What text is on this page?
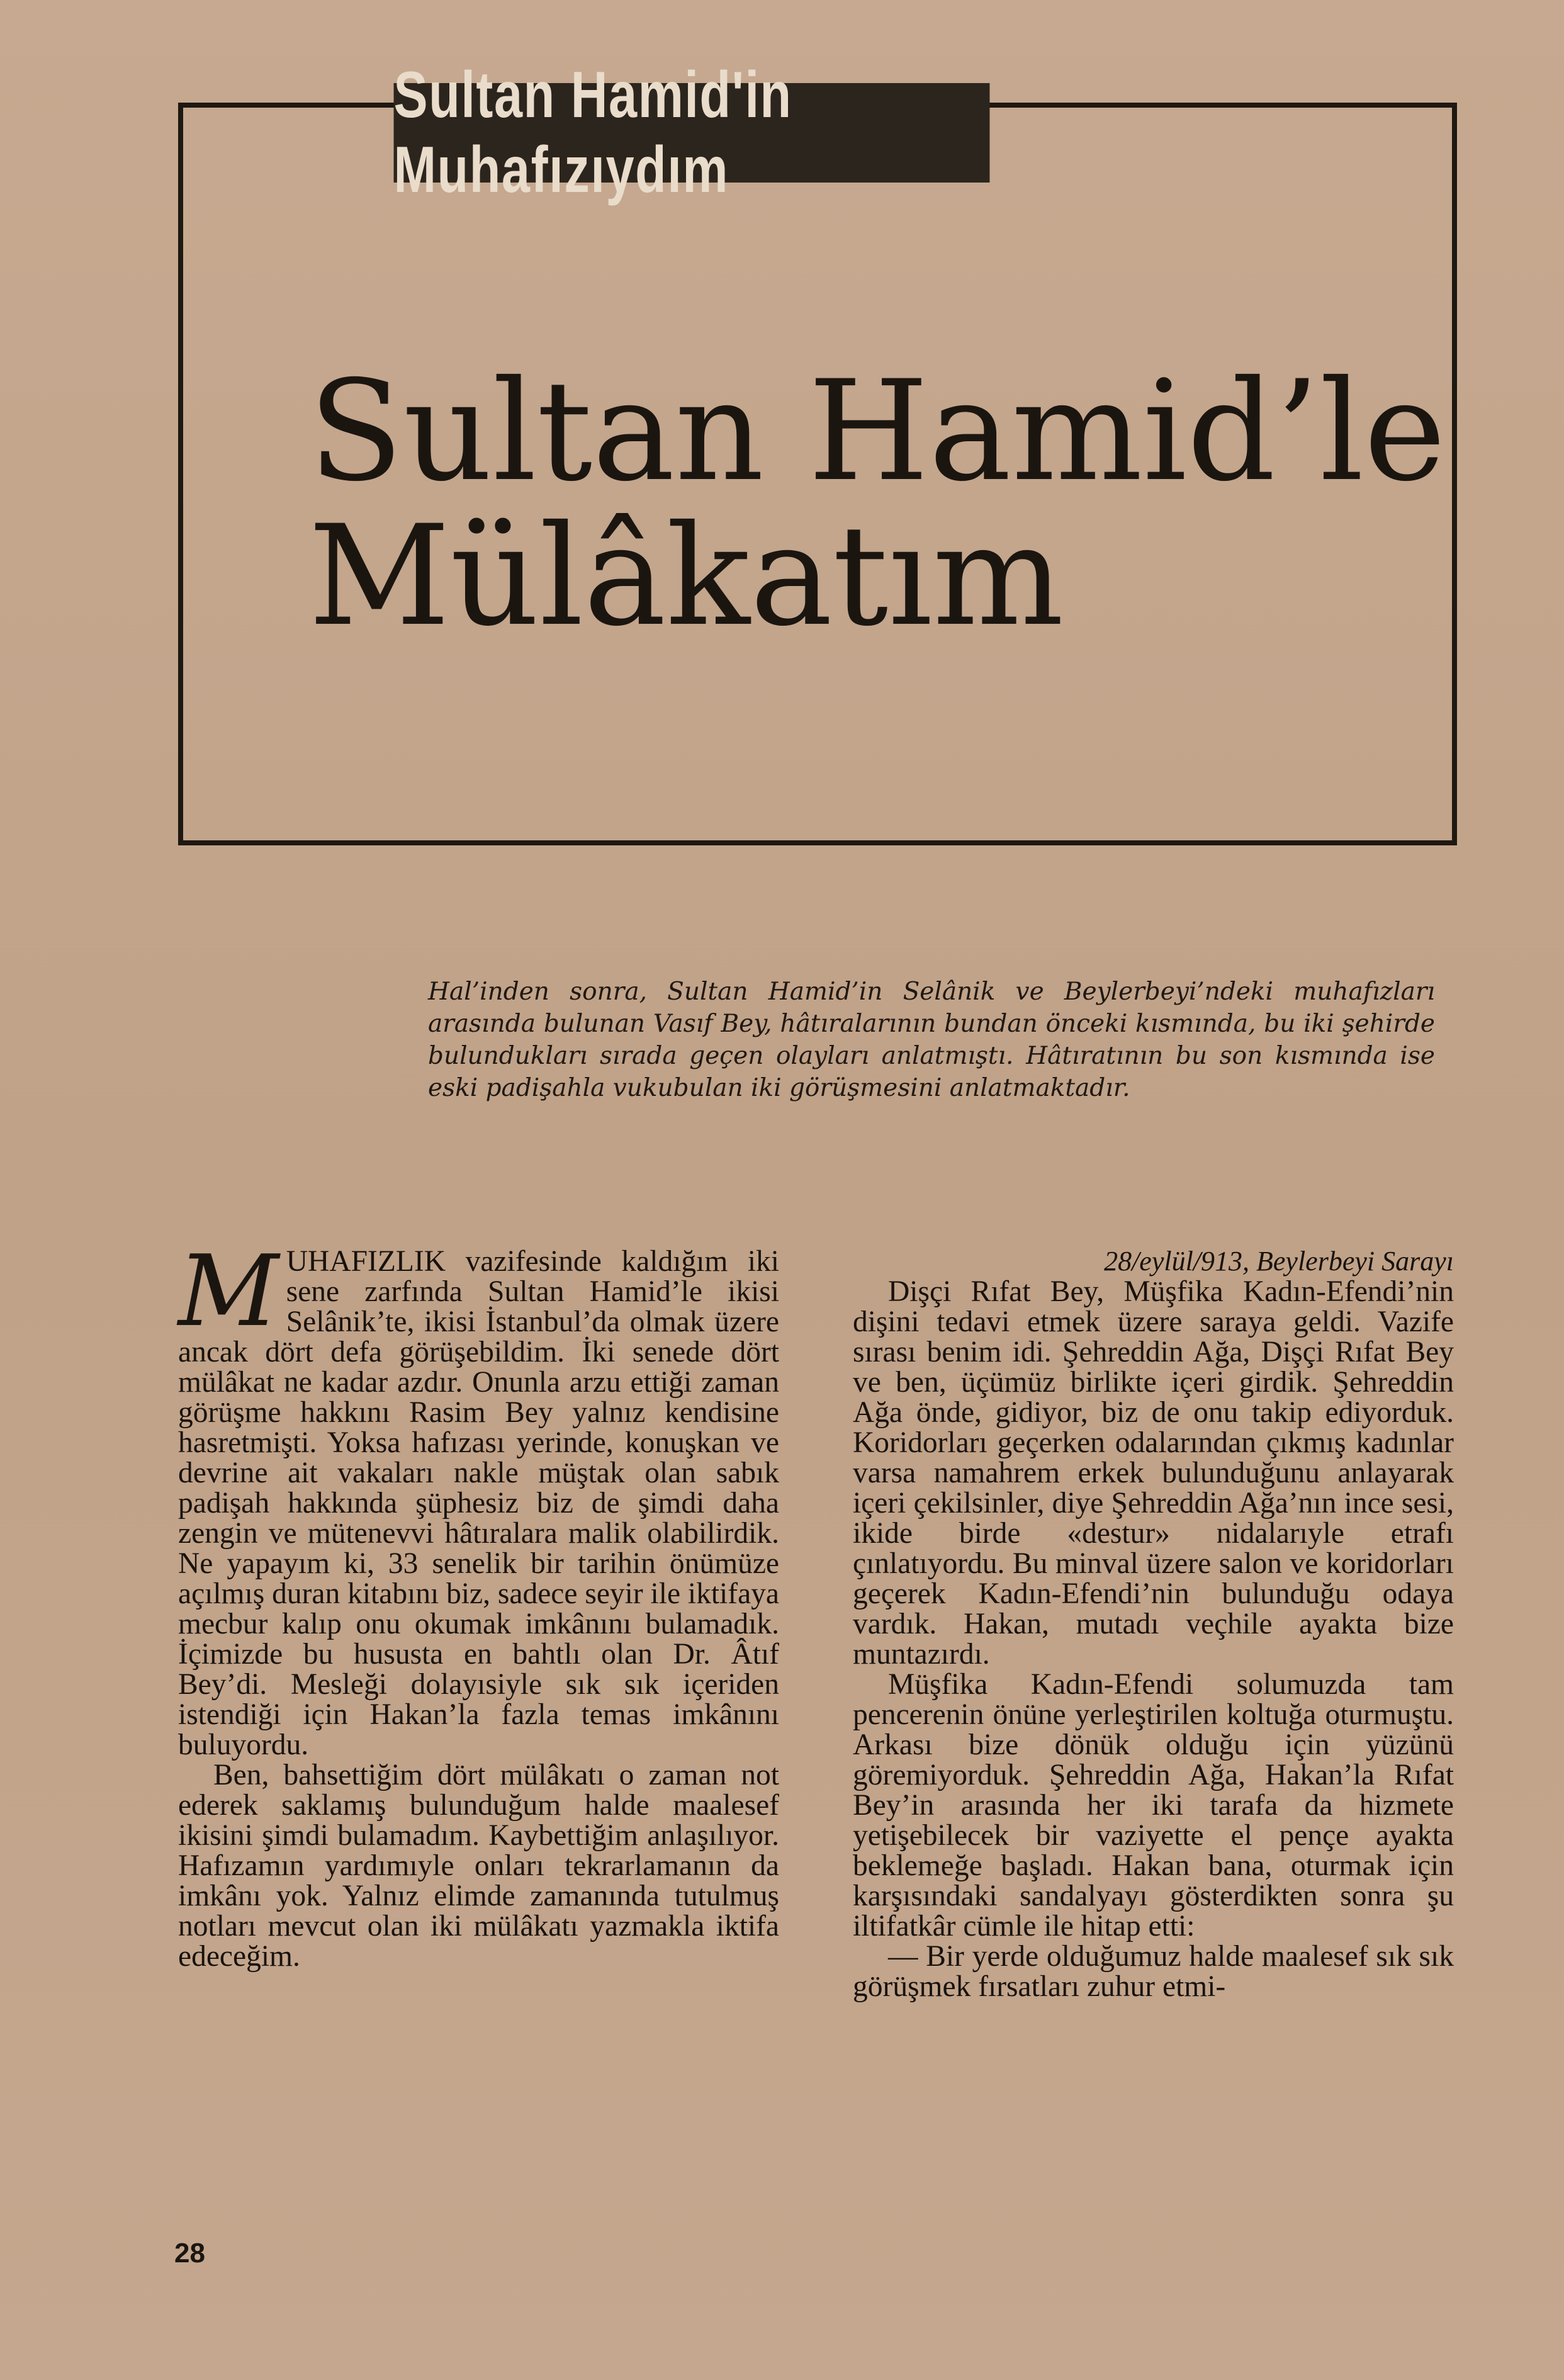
Sultan Hamid'in Muhafızıydım
Sultan Hamid’le
Mülâkatım
Hal’inden sonra, Sultan Hamid’in Selânik ve Beylerbeyi’ndeki muhafızları arasında bulunan Vasıf Bey, hâtıralarının bundan önceki kısmında, bu iki şehirde bulundukları sırada geçen olayları anlatmıştı. Hâtıratının bu son kısmında ise eski padişahla vukubulan iki görüşmesini anlatmaktadır.

MUHAFIZLIK vazifesinde kaldığım iki sene zarfında Sultan Hamid’le ikisi Selânik’te, ikisi İstanbul’da olmak üzere ancak dört defa görüşebildim. İki senede dört mülâkat ne kadar azdır. Onunla arzu ettiği zaman görüşme hakkını Rasim Bey yalnız kendisine hasretmişti. Yoksa hafızası yerinde, konuşkan ve devrine ait vakaları nakle müştak olan sabık padişah hakkında şüphesiz biz de şimdi daha zengin ve mütenevvi hâtıralara malik olabilirdik. Ne yapayım ki, 33 senelik bir tarihin önümüze açılmış duran kitabını biz, sadece seyir ile iktifaya mecbur kalıp onu okumak imkânını bulamadık. İçimizde bu hususta en bahtlı olan Dr. Âtıf Bey’di. Mesleği dolayısiyle sık sık içeriden istendiği için Hakan’la fazla temas imkânını buluyordu.

Ben, bahsettiğim dört mülâkatı o zaman not ederek saklamış bulunduğum halde maalesef ikisini şimdi bulamadım. Kaybettiğim anlaşılıyor. Hafızamın yardımıyle onları tekrarlamanın da imkânı yok. Yalnız elimde zamanında tutulmuş notları mevcut olan iki mülâkatı yazmakla iktifa edeceğim.

28/eylül/913, Beylerbeyi Sarayı

Dişçi Rıfat Bey, Müşfika Kadın-Efendi’nin dişini tedavi etmek üzere saraya geldi. Vazife sırası benim idi. Şehreddin Ağa, Dişçi Rıfat Bey ve ben, üçümüz birlikte içeri girdik. Şehreddin Ağa önde, gidiyor, biz de onu takip ediyorduk. Koridorları geçerken odalarından çıkmış kadınlar varsa namahrem erkek bulunduğunu anlayarak içeri çekilsinler, diye Şehreddin Ağa’nın ince sesi, ikide birde «destur» nidalarıyle etrafı çınlatıyordu. Bu minval üzere salon ve koridorları geçerek Kadın-Efendi’nin bulunduğu odaya vardık. Hakan, mutadı veçhile ayakta bize muntazırdı.

Müşfika Kadın-Efendi solumuzda tam pencerenin önüne yerleştirilen koltuğa oturmuştu. Arkası bize dönük olduğu için yüzünü göremiyorduk. Şehreddin Ağa, Hakan’la Rıfat Bey’in arasında her iki tarafa da hizmete yetişebilecek bir vaziyette el pençe ayakta beklemeğe başladı. Hakan bana, oturmak için karşısındaki sandalyayı gösterdikten sonra şu iltifatkâr cümle ile hitap etti:

— Bir yerde olduğumuz halde maalesef sık sık görüşmek fırsatları zuhur etmi-

28
